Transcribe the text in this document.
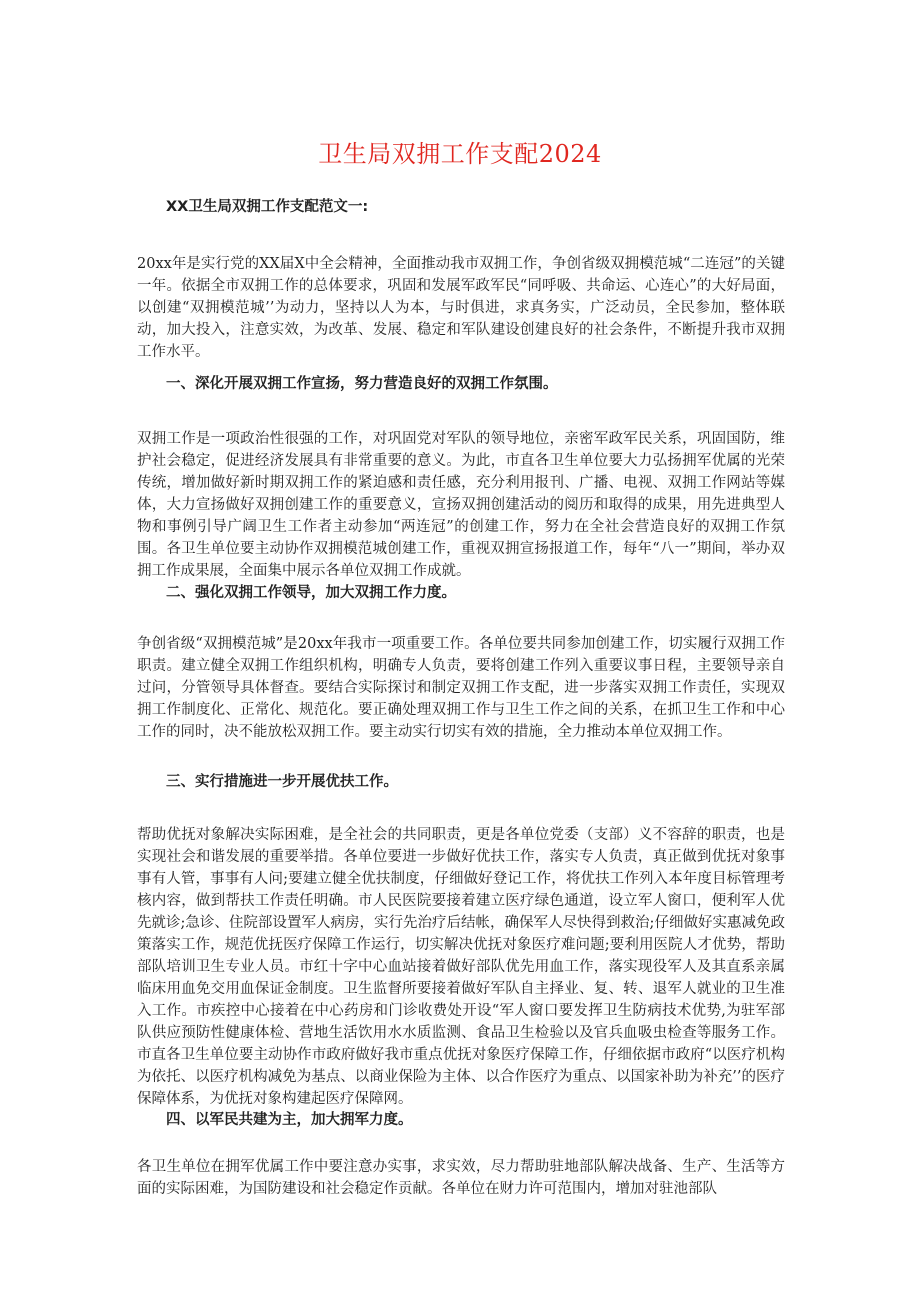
卫生局双拥工作支配2024

XX卫生局双拥工作支配范文一:

20xx年是实行党的XX届X中全会精神，全面推动我市双拥工作，争创省级双拥模范城“二连冠”的关键一年。依据全市双拥工作的总体要求，巩固和发展军政军民“同呼吸、共命运、心连心”的大好局面，以创建“双拥模范城’’为动力，坚持以人为本，与时俱进，求真务实，广泛动员，全民参加，整体联动，加大投入，注意实效，为改革、发展、稳定和军队建设创建良好的社会条件，不断提升我市双拥工作水平。

一、深化开展双拥工作宣扬，努力营造良好的双拥工作氛围。

双拥工作是一项政治性很强的工作，对巩固党对军队的领导地位，亲密军政军民关系，巩固国防，维护社会稳定，促进经济发展具有非常重要的意义。为此，市直各卫生单位要大力弘扬拥军优属的光荣传统，增加做好新时期双拥工作的紧迫感和责任感，充分利用报刊、广播、电视、双拥工作网站等媒体，大力宣扬做好双拥创建工作的重要意义，宣扬双拥创建活动的阅历和取得的成果，用先进典型人物和事例引导广阔卫生工作者主动参加“两连冠”的创建工作，努力在全社会营造良好的双拥工作氛围。各卫生单位要主动协作双拥模范城创建工作，重视双拥宣扬报道工作，每年“八一”期间，举办双拥工作成果展，全面集中展示各单位双拥工作成就。

二、强化双拥工作领导，加大双拥工作力度。

争创省级“双拥模范城”是20xx年我市一项重要工作。各单位要共同参加创建工作，切实履行双拥工作职责。建立健全双拥工作组织机构，明确专人负责，要将创建工作列入重要议事日程，主要领导亲自过问，分管领导具体督查。要结合实际探讨和制定双拥工作支配，进一步落实双拥工作责任，实现双拥工作制度化、正常化、规范化。要正确处理双拥工作与卫生工作之间的关系，在抓卫生工作和中心工作的同时，决不能放松双拥工作。要主动实行切实有效的措施，全力推动本单位双拥工作。

三、实行措施进一步开展优扶工作。

帮助优抚对象解决实际困难，是全社会的共同职责，更是各单位党委（支部）义不容辞的职责，也是实现社会和谐发展的重要举措。各单位要进一步做好优扶工作，落实专人负责，真正做到优抚对象事事有人管，事事有人问;要建立健全优扶制度，仔细做好登记工作，将优扶工作列入本年度目标管理考核内容，做到帮扶工作责任明确。市人民医院要接着建立医疗绿色通道，设立军人窗口，便利军人优先就诊;急诊、住院部设置军人病房，实行先治疗后结帐，确保军人尽快得到救治;仔细做好实惠减免政策落实工作，规范优抚医疗保障工作运行，切实解决优抚对象医疗难问题;要利用医院人才优势，帮助部队培训卫生专业人员。市红十字中心血站接着做好部队优先用血工作，落实现役军人及其直系亲属临床用血免交用血保证金制度。卫生监督所要接着做好军队自主择业、复、转、退军人就业的卫生准入工作。市疾控中心接着在中心药房和门诊收费处开设“军人窗口要发挥卫生防病技术优势,为驻军部队供应预防性健康体检、营地生活饮用水水质监测、食品卫生检验以及官兵血吸虫检查等服务工作。市直各卫生单位要主动协作市政府做好我市重点优抚对象医疗保障工作，仔细依据市政府“以医疗机构为依托、以医疗机构减免为基点、以商业保险为主体、以合作医疗为重点、以国家补助为补充’’的医疗保障体系，为优抚对象构建起医疗保障网。

四、以军民共建为主，加大拥军力度。

各卫生单位在拥军优属工作中要注意办实事，求实效，尽力帮助驻地部队解决战备、生产、生活等方面的实际困难，为国防建设和社会稳定作贡献。各单位在财力许可范围内，增加对驻池部队
